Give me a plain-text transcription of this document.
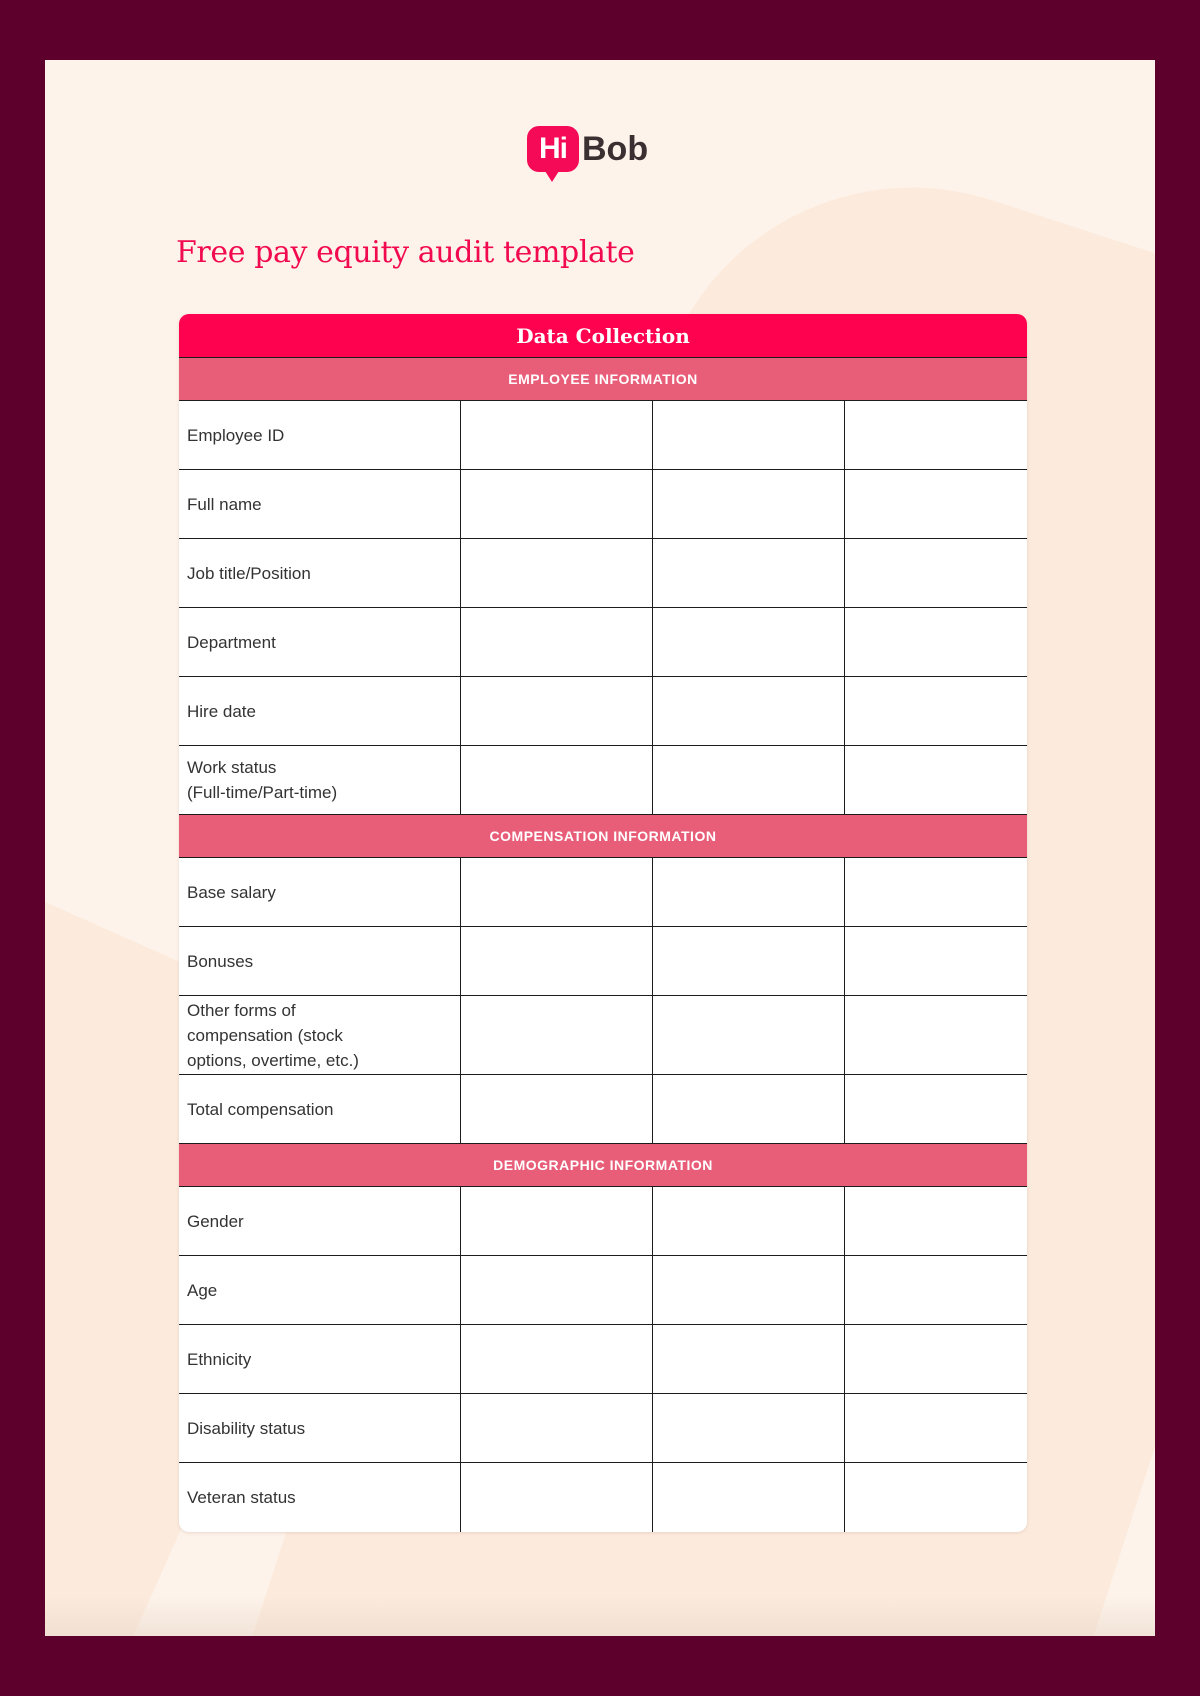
Hi Bob
Free pay equity audit template
Data Collection
EMPLOYEE INFORMATION
Employee ID
Full name
Job title/Position
Department
Hire date
Work status
(Full-time/Part-time)
COMPENSATION INFORMATION
Base salary
Bonuses
Other forms of
compensation (stock
options, overtime, etc.)
Total compensation
DEMOGRAPHIC INFORMATION
Gender
Age
Ethnicity
Disability status
Veteran status
